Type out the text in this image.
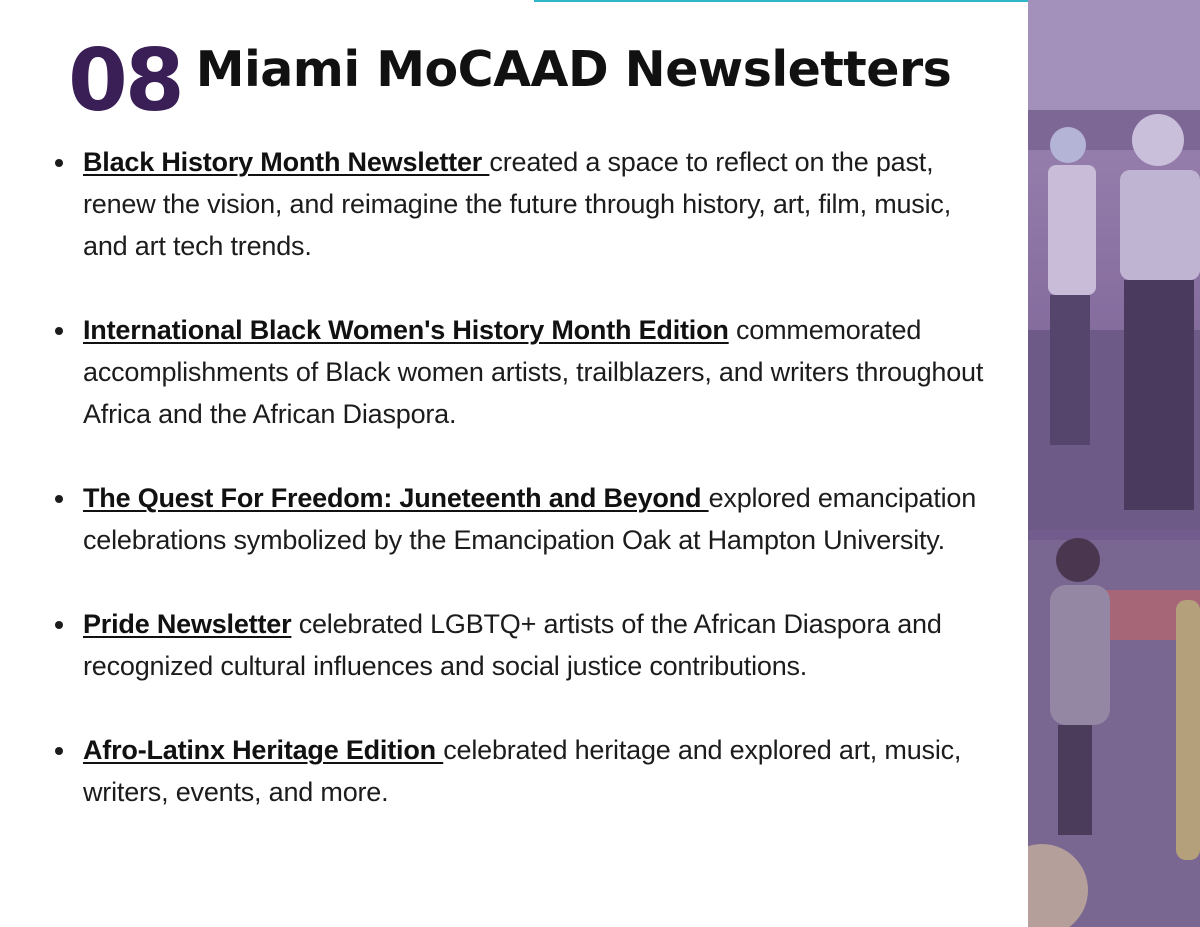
08 Miami MoCAAD Newsletters
Black History Month Newsletter created a space to reflect on the past, renew the vision, and reimagine the future through history, art, film, music, and art tech trends.
International Black Women's History Month Edition commemorated accomplishments of Black women artists, trailblazers, and writers throughout Africa and the African Diaspora.
The Quest For Freedom: Juneteenth and Beyond explored emancipation celebrations symbolized by the Emancipation Oak at Hampton University.
Pride Newsletter celebrated LGBTQ+ artists of the African Diaspora and recognized cultural influences and social justice contributions.
Afro-Latinx Heritage Edition celebrated heritage and explored art, music, writers, events, and more.
